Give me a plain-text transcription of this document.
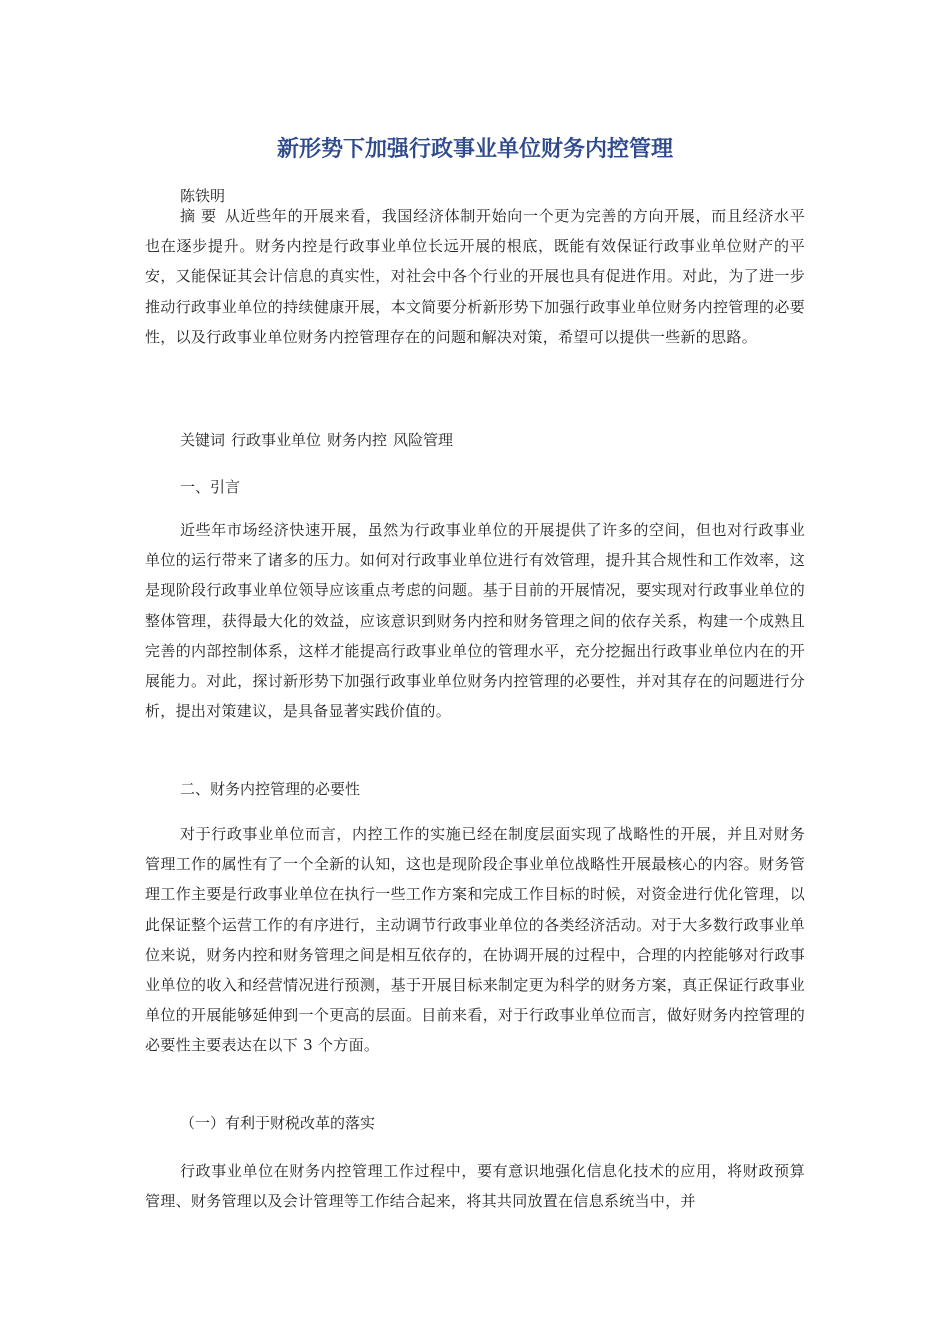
新形势下加强行政事业单位财务内控管理

陈铁明

摘 要 从近些年的开展来看，我国经济体制开始向一个更为完善的方向开展，而且经济水平也在逐步提升。财务内控是行政事业单位长远开展的根底，既能有效保证行政事业单位财产的平安，又能保证其会计信息的真实性，对社会中各个行业的开展也具有促进作用。对此，为了进一步推动行政事业单位的持续健康开展，本文简要分析新形势下加强行政事业单位财务内控管理的必要性，以及行政事业单位财务内控管理存在的问题和解决对策，希望可以提供一些新的思路。

关键词 行政事业单位 财务内控 风险管理

一、引言

近些年市场经济快速开展，虽然为行政事业单位的开展提供了许多的空间，但也对行政事业单位的运行带来了诸多的压力。如何对行政事业单位进行有效管理，提升其合规性和工作效率，这是现阶段行政事业单位领导应该重点考虑的问题。基于目前的开展情况，要实现对行政事业单位的整体管理，获得最大化的效益，应该意识到财务内控和财务管理之间的依存关系，构建一个成熟且完善的内部控制体系，这样才能提高行政事业单位的管理水平，充分挖掘出行政事业单位内在的开展能力。对此，探讨新形势下加强行政事业单位财务内控管理的必要性，并对其存在的问题进行分析，提出对策建议，是具备显著实践价值的。

二、财务内控管理的必要性

对于行政事业单位而言，内控工作的实施已经在制度层面实现了战略性的开展，并且对财务管理工作的属性有了一个全新的认知，这也是现阶段企事业单位战略性开展最核心的内容。财务管理工作主要是行政事业单位在执行一些工作方案和完成工作目标的时候，对资金进行优化管理，以此保证整个运营工作的有序进行，主动调节行政事业单位的各类经济活动。对于大多数行政事业单位来说，财务内控和财务管理之间是相互依存的，在协调开展的过程中，合理的内控能够对行政事业单位的收入和经营情况进行预测，基于开展目标来制定更为科学的财务方案，真正保证行政事业单位的开展能够延伸到一个更高的层面。目前来看，对于行政事业单位而言，做好财务内控管理的必要性主要表达在以下 3 个方面。

（一）有利于财税改革的落实

行政事业单位在财务内控管理工作过程中，要有意识地强化信息化技术的应用，将财政预算管理、财务管理以及会计管理等工作结合起来，将其共同放置在信息系统当中，并
